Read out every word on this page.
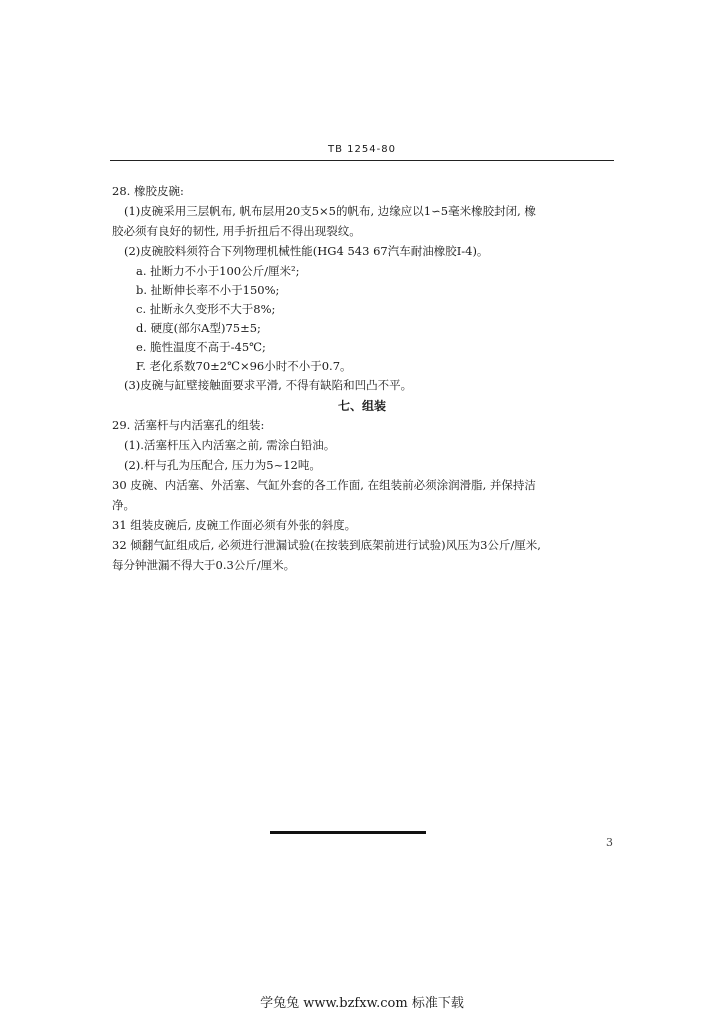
TB 1254-80
28. 橡胶皮碗:
(1)皮碗采用三层帆布, 帆布层用20支5×5的帆布, 边缘应以1∽5毫米橡胶封闭, 橡
胶必须有良好的韧性, 用手折扭后不得出现裂纹。
(2)皮碗胶料须符合下列物理机械性能(HG4 543 67汽车耐油橡胶Ⅰ-4)。
a. 扯断力不小于100公斤/厘米²;
b. 扯断伸长率不小于150%;
c. 扯断永久变形不大于8%;
d. 硬度(部尔A型)75±5;
e. 脆性温度不高于-45℃;
F. 老化系数70±2℃×96小时不小于0.7。
(3)皮碗与缸壁接触面要求平滑, 不得有缺陷和凹凸不平。
七、组装
29. 活塞杆与内活塞孔的组装:
(1).活塞杆压入内活塞之前, 需涂白铅油。
(2).杆与孔为压配合, 压力为5~12吨。
30 皮碗、内活塞、外活塞、气缸外套的各工作面, 在组装前必须涂润滑脂, 并保持洁
净。
31 组装皮碗后, 皮碗工作面必须有外张的斜度。
32 倾翻气缸组成后, 必须进行泄漏试验(在按装到底架前进行试验)风压为3公斤/厘米,
每分钟泄漏不得大于0.3公斤/厘米。
3
学兔兔 www.bzfxw.com 标准下载
